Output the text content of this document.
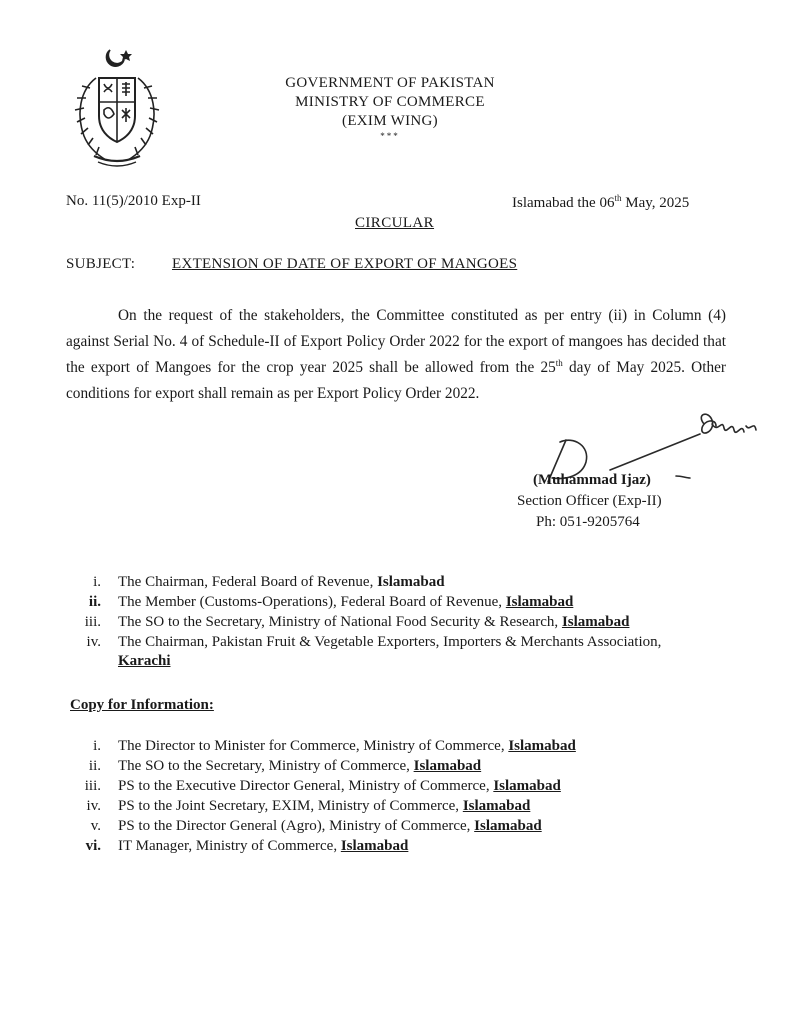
GOVERNMENT OF PAKISTAN
MINISTRY OF COMMERCE
(EXIM WING)
***
No. 11(5)/2010 Exp-II	Islamabad the 06th May, 2025
CIRCULAR
SUBJECT: EXTENSION OF DATE OF EXPORT OF MANGOES
On the request of the stakeholders, the Committee constituted as per entry (ii) in Column (4) against Serial No. 4 of Schedule-II of Export Policy Order 2022 for the export of mangoes has decided that the export of Mangoes for the crop year 2025 shall be allowed from the 25th day of May 2025. Other conditions for export shall remain as per Export Policy Order 2022.
(Muhammad Ijaz)
Section Officer (Exp-II)
Ph: 051-9205764
i.	The Chairman, Federal Board of Revenue, Islamabad
ii.	The Member (Customs-Operations), Federal Board of Revenue, Islamabad
iii.	The SO to the Secretary, Ministry of National Food Security & Research, Islamabad
iv.	The Chairman, Pakistan Fruit & Vegetable Exporters, Importers & Merchants Association, Karachi
Copy for Information:
i.	The Director to Minister for Commerce, Ministry of Commerce, Islamabad
ii.	The SO to the Secretary, Ministry of Commerce, Islamabad
iii.	PS to the Executive Director General, Ministry of Commerce, Islamabad
iv.	PS to the Joint Secretary, EXIM, Ministry of Commerce, Islamabad
v.	PS to the Director General (Agro), Ministry of Commerce, Islamabad
vi.	IT Manager, Ministry of Commerce, Islamabad
